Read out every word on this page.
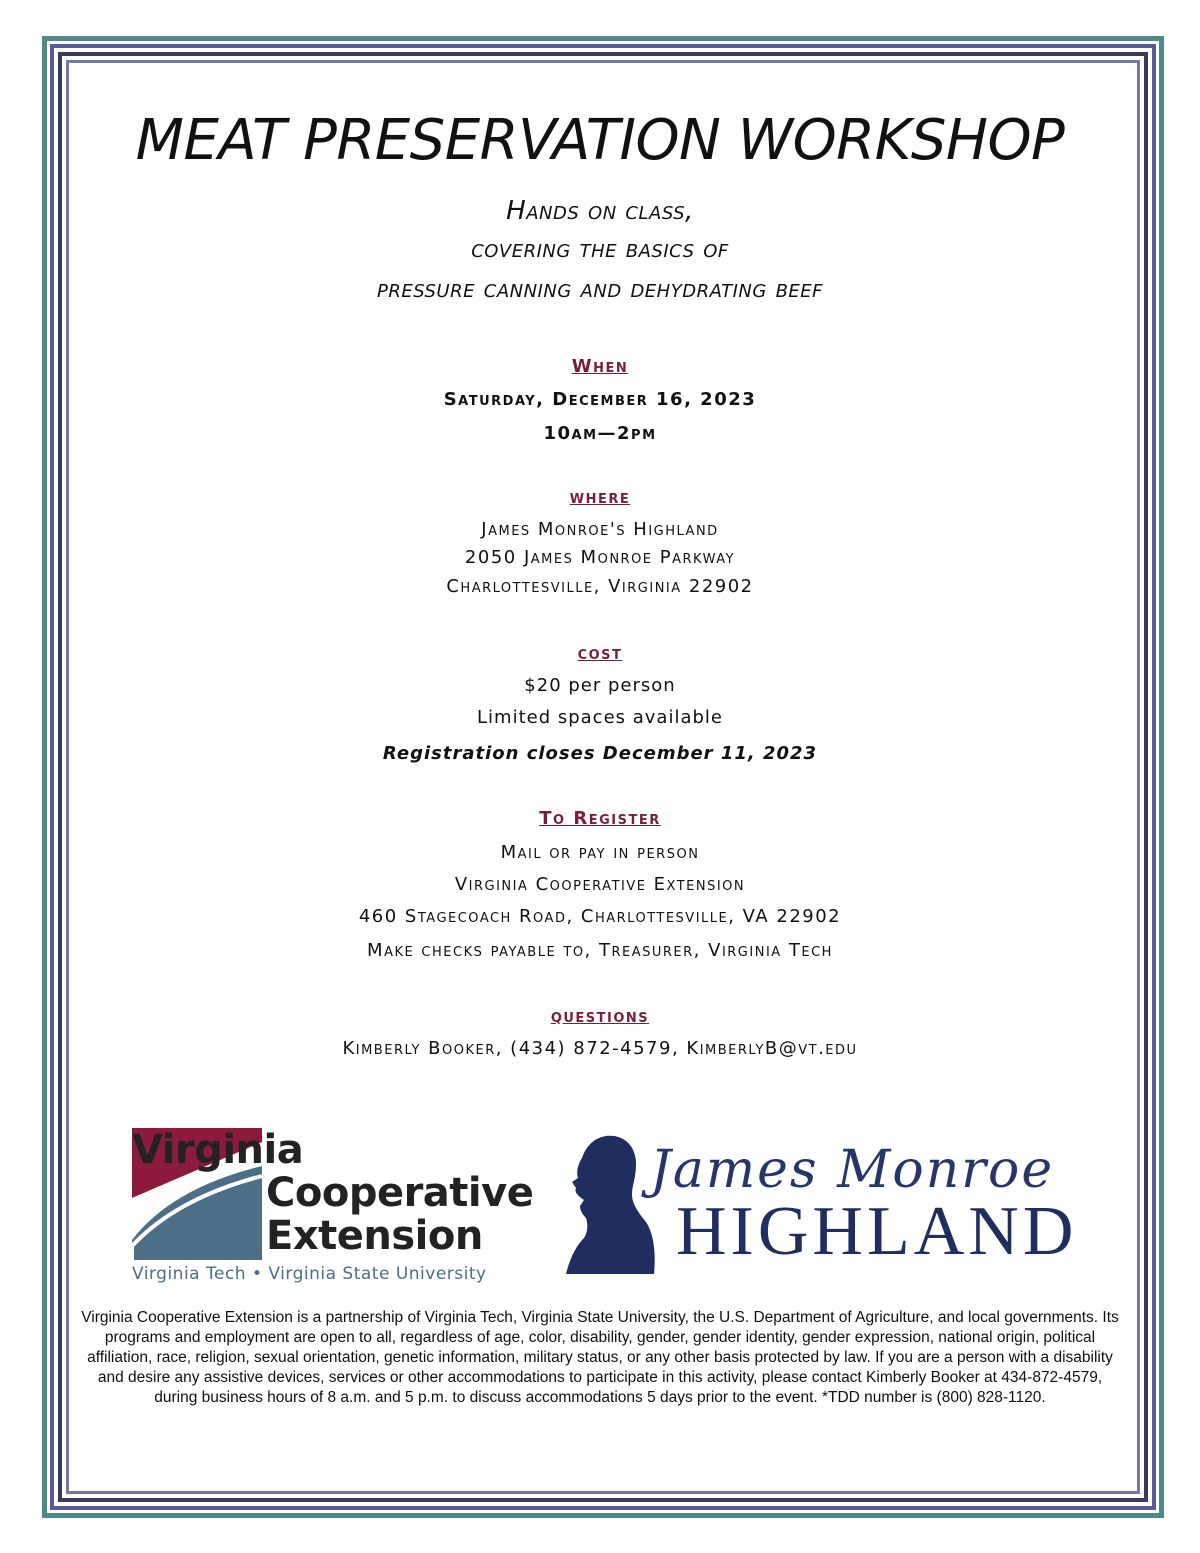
MEAT PRESERVATION WORKSHOP
Hands on class,
covering the basics of
pressure canning and dehydrating beef
When
Saturday, December 16, 2023
10am—2pm
where
James Monroe's Highland
2050 James Monroe Parkway
Charlottesville, Virginia 22902
cost
$20 per person
Limited spaces available
Registration closes December 11, 2023
To Register
Mail or pay in person
Virginia Cooperative Extension
460 Stagecoach Road, Charlottesville, VA 22902
Make checks payable to, Treasurer, Virginia Tech
questions
Kimberly Booker, (434) 872-4579, KimberlyB@vt.edu
Virginia
Cooperative
Extension
Virginia Tech • Virginia State University
James Monroe
HIGHLAND
Virginia Cooperative Extension is a partnership of Virginia Tech, Virginia State University, the U.S. Department of Agriculture, and local governments. Its programs and employment are open to all, regardless of age, color, disability, gender, gender identity, gender expression, national origin, political affiliation, race, religion, sexual orientation, genetic information, military status, or any other basis protected by law. If you are a person with a disability and desire any assistive devices, services or other accommodations to participate in this activity, please contact Kimberly Booker at 434-872-4579, during business hours of 8 a.m. and 5 p.m. to discuss accommodations 5 days prior to the event. *TDD number is (800) 828-1120.
